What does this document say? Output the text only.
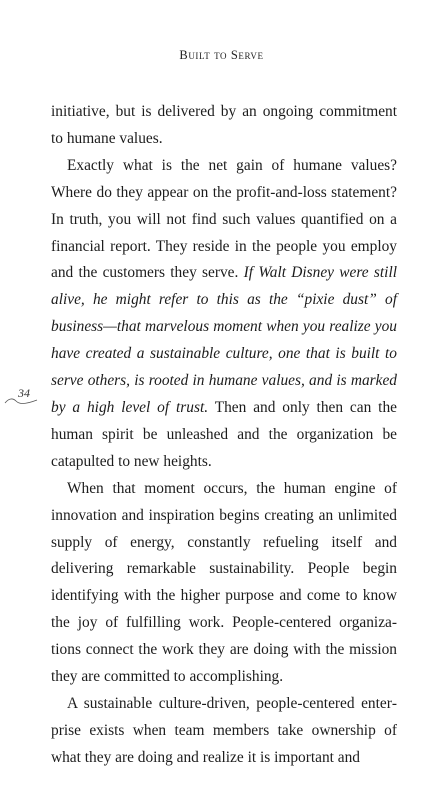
Built to Serve
34

initiative, but is delivered by an ongoing commitment to humane values.

Exactly what is the net gain of humane values? Where do they appear on the profit-and-loss statement? In truth, you will not find such values quantified on a financial report. They reside in the people you employ and the customers they serve. If Walt Disney were still alive, he might refer to this as the “pixie dust” of business—that marvelous moment when you realize you have created a sustainable culture, one that is built to serve others, is rooted in humane values, and is marked by a high level of trust. Then and only then can the human spirit be unleashed and the organization be catapulted to new heights.

When that moment occurs, the human engine of innovation and inspiration begins creating an unlimited supply of energy, constantly refueling itself and delivering remarkable sustainability. People begin identifying with the higher purpose and come to know the joy of fulfilling work. People-centered organizations connect the work they are doing with the mission they are committed to accomplishing.

A sustainable culture-driven, people-centered enterprise exists when team members take ownership of what they are doing and realize it is important and
